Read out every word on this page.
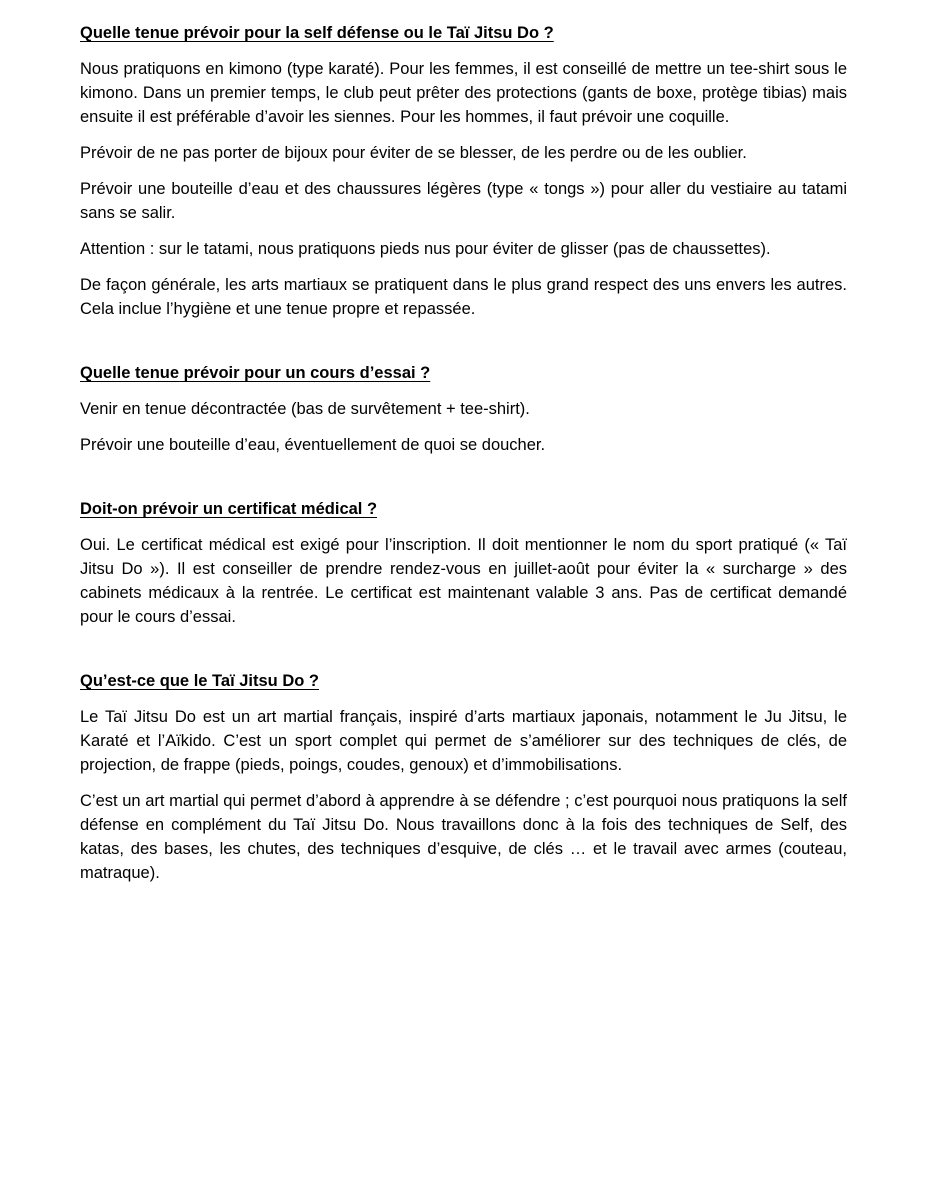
Quelle tenue prévoir pour la self défense ou le Taï Jitsu Do ?

Nous pratiquons en kimono (type karaté). Pour les femmes, il est conseillé de mettre un tee-shirt sous le kimono. Dans un premier temps, le club peut prêter des protections (gants de boxe, protège tibias) mais ensuite il est préférable d’avoir les siennes. Pour les hommes, il faut prévoir une coquille.

Prévoir de ne pas porter de bijoux pour éviter de se blesser, de les perdre ou de les oublier.

Prévoir une bouteille d’eau et des chaussures légères (type « tongs ») pour aller du vestiaire au tatami sans se salir.

Attention : sur le tatami, nous pratiquons pieds nus pour éviter de glisser (pas de chaussettes).

De façon générale, les arts martiaux se pratiquent dans le plus grand respect des uns envers les autres. Cela inclue l’hygiène et une tenue propre et repassée.

Quelle tenue prévoir pour un cours d’essai ?

Venir en tenue décontractée (bas de survêtement + tee-shirt).

Prévoir une bouteille d’eau, éventuellement de quoi se doucher.

Doit-on prévoir un certificat médical ?

Oui. Le certificat médical est exigé pour l’inscription. Il doit mentionner le nom du sport pratiqué (« Taï Jitsu Do »). Il est conseiller de prendre rendez-vous en juillet-août pour éviter la « surcharge » des cabinets médicaux à la rentrée. Le certificat est maintenant valable 3 ans. Pas de certificat demandé pour le cours d’essai.

Qu’est-ce que le Taï Jitsu Do ?

Le Taï Jitsu Do est un art martial français, inspiré d’arts martiaux japonais, notamment le Ju Jitsu, le Karaté et l’Aïkido. C’est un sport complet qui permet de s’améliorer sur des techniques de clés, de projection, de frappe (pieds, poings, coudes, genoux) et d’immobilisations.

C’est un art martial qui permet d’abord à apprendre à se défendre ; c’est pourquoi nous pratiquons la self défense en complément du Taï Jitsu Do. Nous travaillons donc à la fois des techniques de Self, des katas, des bases, les chutes, des techniques d’esquive, de clés … et le travail avec armes (couteau, matraque).
